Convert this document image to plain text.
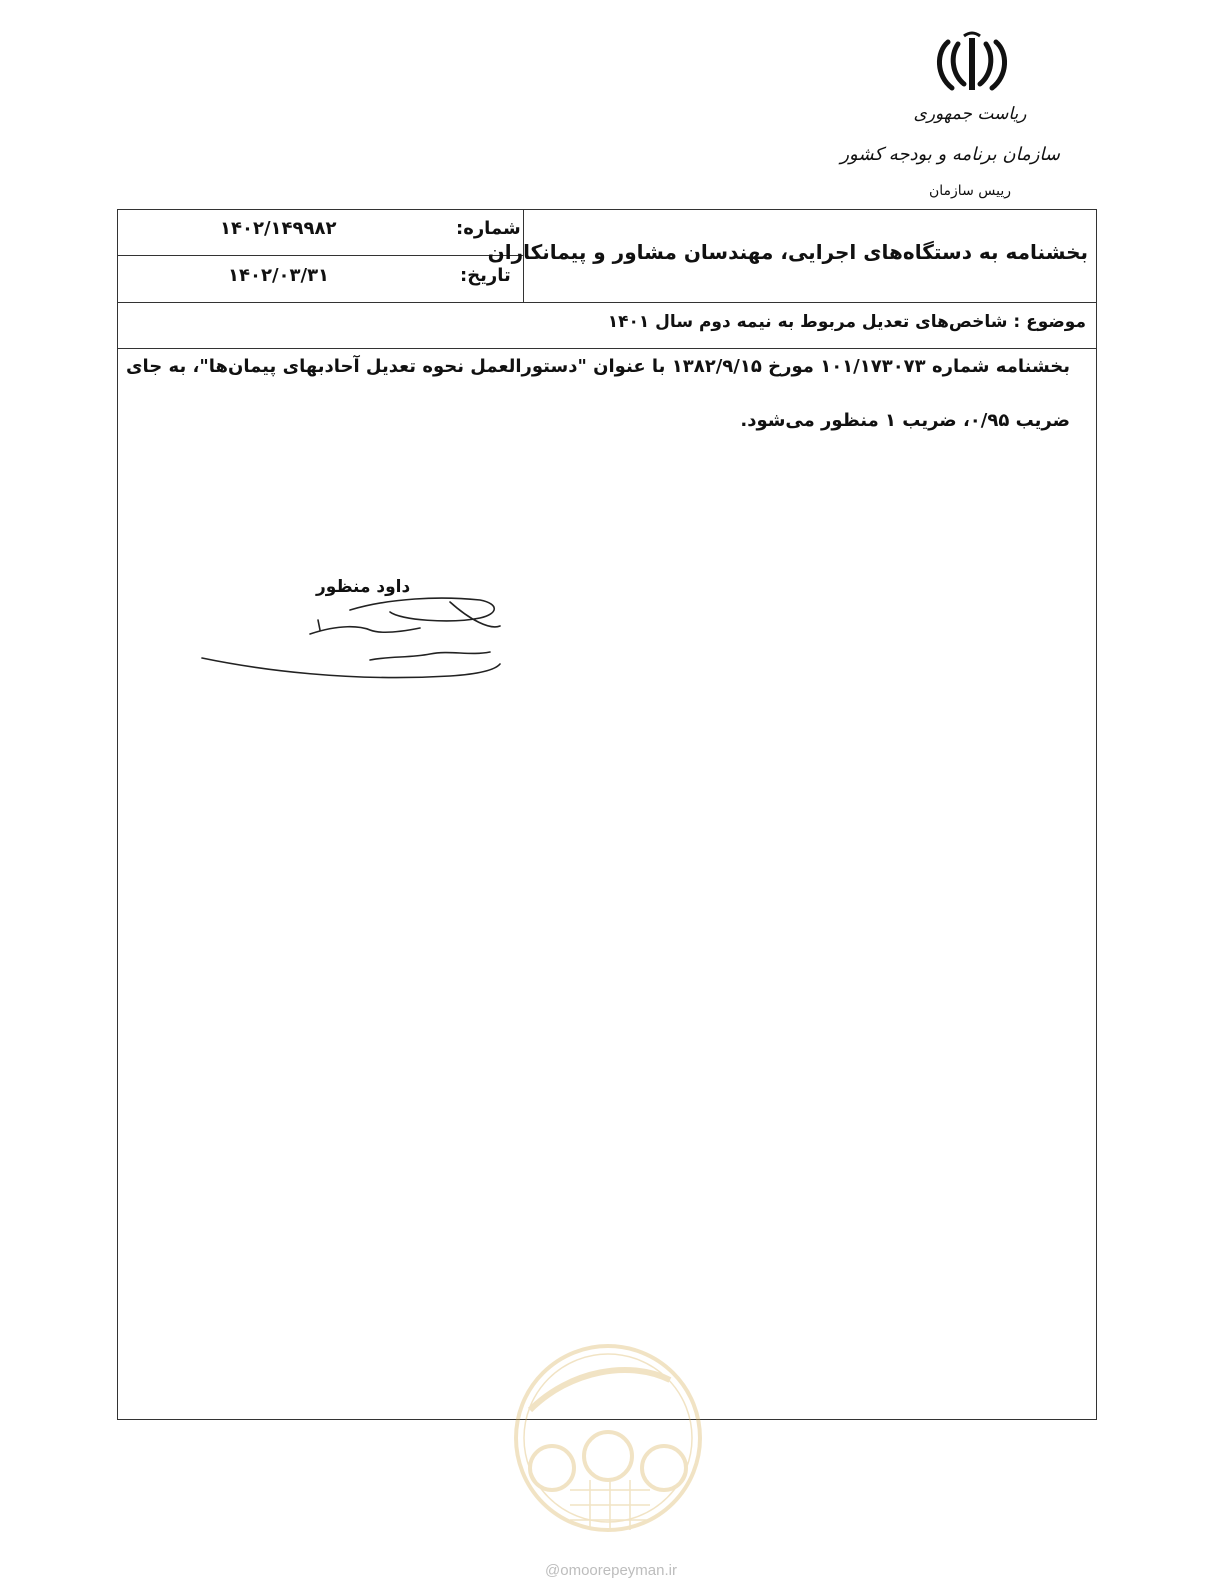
ریاست جمهوری
سازمان برنامه و بودجه کشور
رییس سازمان
بخشنامه به دستگاه‌های اجرایی، مهندسان مشاور و پیمانکاران
شماره:
۱۴۰۲/۱۴۹۹۸۲
تاریخ:
۱۴۰۲/۰۳/۳۱
موضوع : شاخص‌های تعدیل مربوط به نیمه دوم سال ۱۴۰۱
بخشنامه شماره ۱۰۱/۱۷۳۰۷۳ مورخ ۱۳۸۲/۹/۱۵ با عنوان "دستورالعمل نحوه تعدیل آحادبهای پیمان‌ها"، به جای ضریب ۰/۹۵، ضریب ۱ منظور می‌شود.
داود منظور
@omoorepeyman.ir
